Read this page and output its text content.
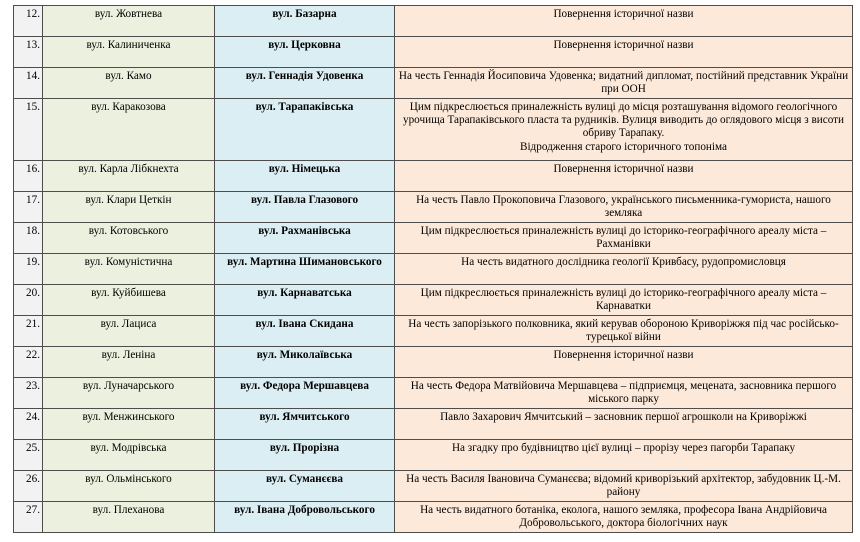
12.	вул. Жовтнева	вул. Базарна	Повернення історичної назви
13.	вул. Калиниченка	вул. Церковна	Повернення історичної назви
14.	вул. Камо	вул. Геннадія Удовенка	На честь Геннадія Йосиповича Удовенка; видатний дипломат, постійний представник України при ООН
15.	вул. Каракозова	вул. Тарапаківська	Цим підкреслюється приналежність вулиці до місця розташування відомого геологічного урочища Тарапаківського пласта та рудників. Вулиця виводить до оглядового місця з висоти обриву Тарапаку.
Відродження старого історичного топоніма
16.	вул. Карла Лібкнехта	вул. Німецька	Повернення історичної назви
17.	вул. Клари Цеткін	вул. Павла Глазового	На честь Павло Прокоповича Глазового, українського письменника-гумориста, нашого земляка
18.	вул. Котовського	вул. Рахманівська	Цим підкреслюється приналежність вулиці до історико-географічного ареалу міста – Рахманівки
19.	вул. Комуністична	вул. Мартина Шимановського	На честь видатного дослідника геології Кривбасу, рудопромисловця
20.	вул. Куйбишева	вул. Карнаватська	Цим підкреслюється приналежність вулиці до історико-географічного ареалу міста – Карнаватки
21.	вул. Лациса	вул. Івана Скидана	На честь запорізького полковника, який керував обороною Криворіжжя під час російсько-турецької війни
22.	вул. Леніна	вул. Миколаївська	Повернення історичної назви
23.	вул. Луначарського	вул. Федора Мершавцева	На честь Федора Матвійовича Мершавцева – підприємця, мецената, засновника першого міського парку
24.	вул. Менжинського	вул. Ямчитського	Павло Захарович Ямчитський – засновник першої агрошколи на Криворіжжі
25.	вул. Модрівська	вул. Прорізна	На згадку про будівництво цієї вулиці – прорізу через пагорби Тарапаку
26.	вул. Ольмінського	вул. Суманєєва	На честь Василя Івановича Суманєєва; відомий криворізький архітектор, забудовник Ц.-М. району
27.	вул. Плеханова	вул. Івана Добровольського	На честь видатного ботаніка, еколога, нашого земляка, професора Івана Андрійовича Добровольського, доктора біологічних наук
